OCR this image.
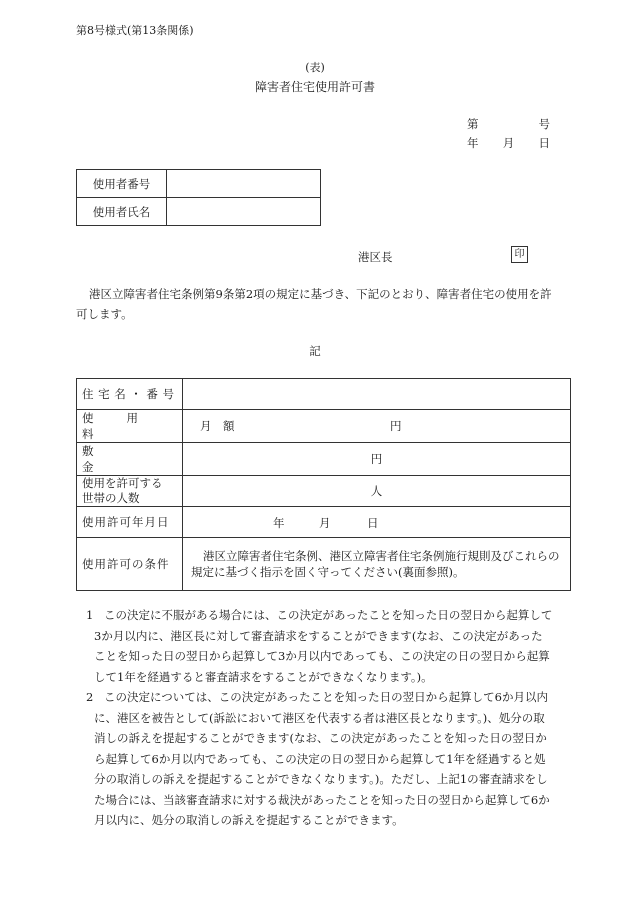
第8号様式(第13条関係)
(表)
障害者住宅使用許可書
第	号
年 月 日
使用者番号	
使用者氏名	
港区長	印
港区立障害者住宅条例第9条第2項の規定に基づき、下記のとおり、障害者住宅の使用を許可します。
記
住宅名・番号	

使用料	月　額 円

敷金	円

使用を許可する
世帯の人数	人

使用許可年月日	年 月 日

使用許可の条件	港区立障害者住宅条例、港区立障害者住宅条例施行規則及びこれらの規定に基づく指示を固く守ってください(裏面参照)。
1 この決定に不服がある場合には、この決定があったことを知った日の翌日から起算して3か月以内に、港区長に対して審査請求をすることができます(なお、この決定があったことを知った日の翌日から起算して3か月以内であっても、この決定の日の翌日から起算して1年を経過すると審査請求をすることができなくなります。)。
2 この決定については、この決定があったことを知った日の翌日から起算して6か月以内に、港区を被告として(訴訟において港区を代表する者は港区長となります。)、処分の取消しの訴えを提起することができます(なお、この決定があったことを知った日の翌日から起算して6か月以内であっても、この決定の日の翌日から起算して1年を経過すると処分の取消しの訴えを提起することができなくなります。)。ただし、上記1の審査請求をした場合には、当該審査請求に対する裁決があったことを知った日の翌日から起算して6か月以内に、処分の取消しの訴えを提起することができます。
